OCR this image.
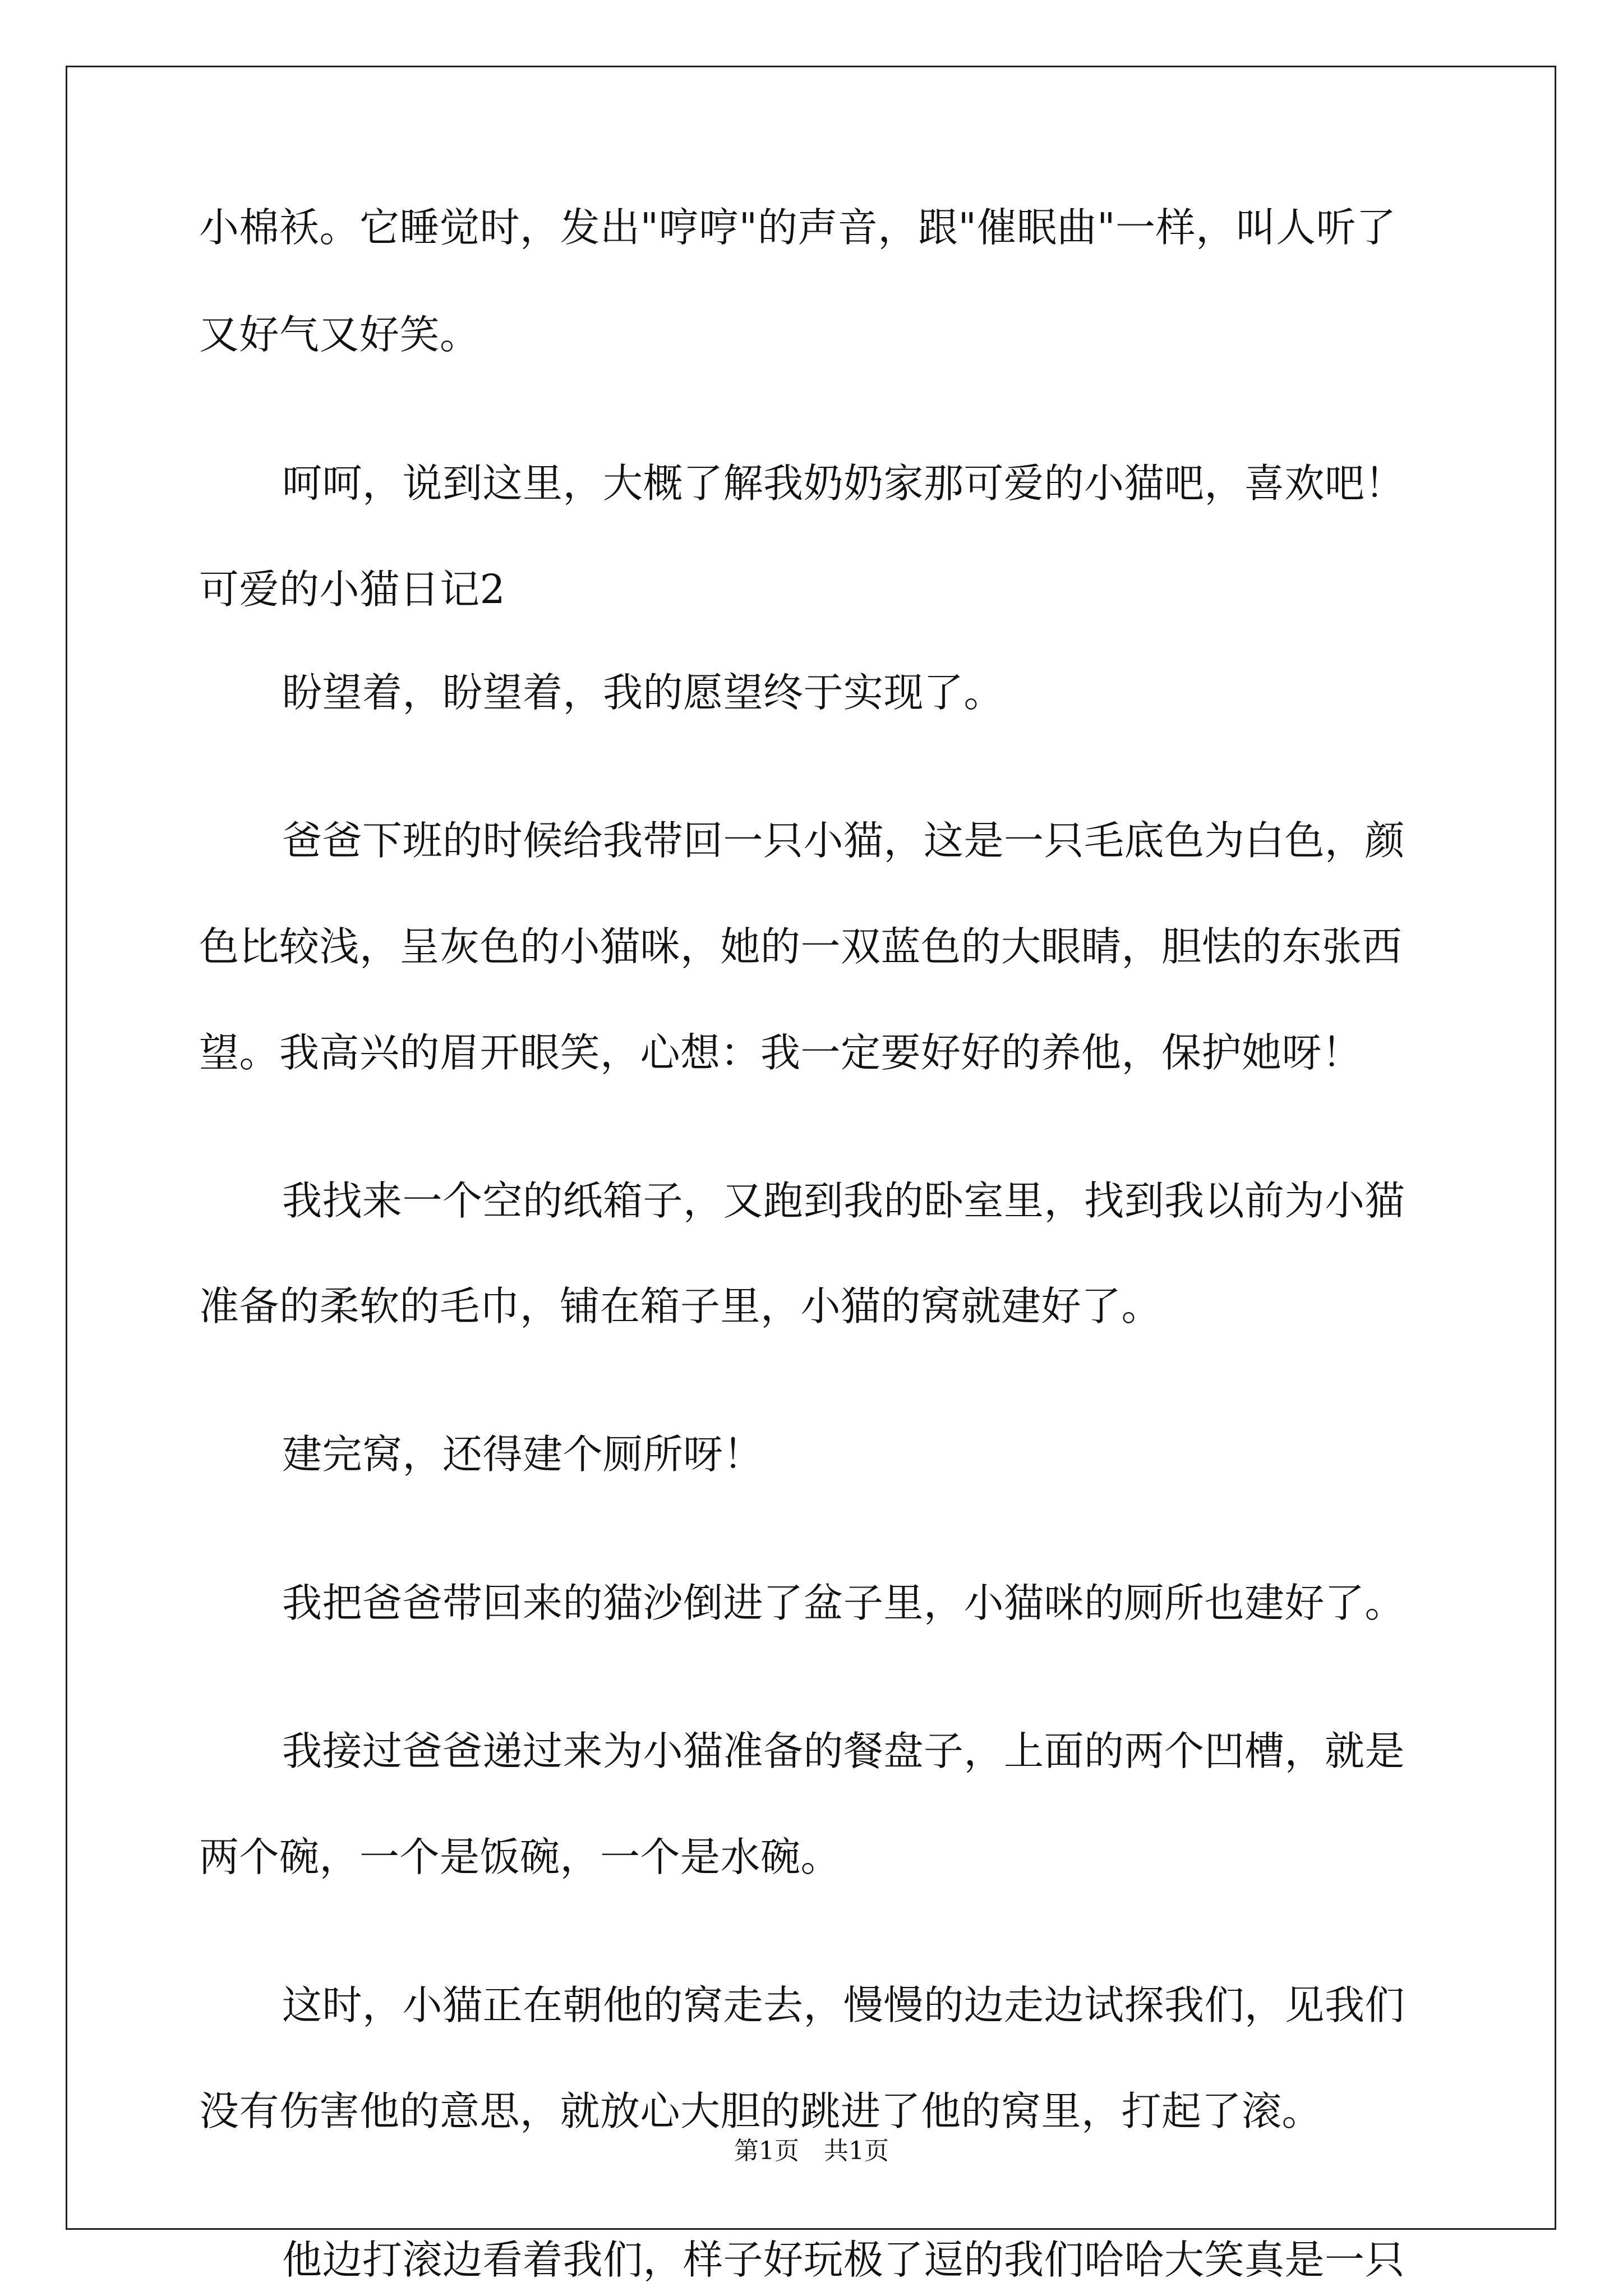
小棉袄。它睡觉时，发出"哼哼"的声音，跟"催眠曲"一样，叫人听了

又好气又好笑。

呵呵，说到这里，大概了解我奶奶家那可爱的小猫吧，喜欢吧！

可爱的小猫日记2

盼望着，盼望着，我的愿望终于实现了。

爸爸下班的时候给我带回一只小猫，这是一只毛底色为白色，颜

色比较浅，呈灰色的小猫咪，她的一双蓝色的大眼睛，胆怯的东张西

望。我高兴的眉开眼笑，心想：我一定要好好的养他，保护她呀！

我找来一个空的纸箱子，又跑到我的卧室里，找到我以前为小猫

准备的柔软的毛巾，铺在箱子里，小猫的窝就建好了。

建完窝，还得建个厕所呀！

我把爸爸带回来的猫沙倒进了盆子里，小猫咪的厕所也建好了。

我接过爸爸递过来为小猫准备的餐盘子，上面的两个凹槽，就是

两个碗，一个是饭碗，一个是水碗。

这时，小猫正在朝他的窝走去，慢慢的边走边试探我们，见我们

没有伤害他的意思，就放心大胆的跳进了他的窝里，打起了滚。

他边打滚边看着我们，样子好玩极了逗的我们哈哈大笑真是一只

第1页　共1页
